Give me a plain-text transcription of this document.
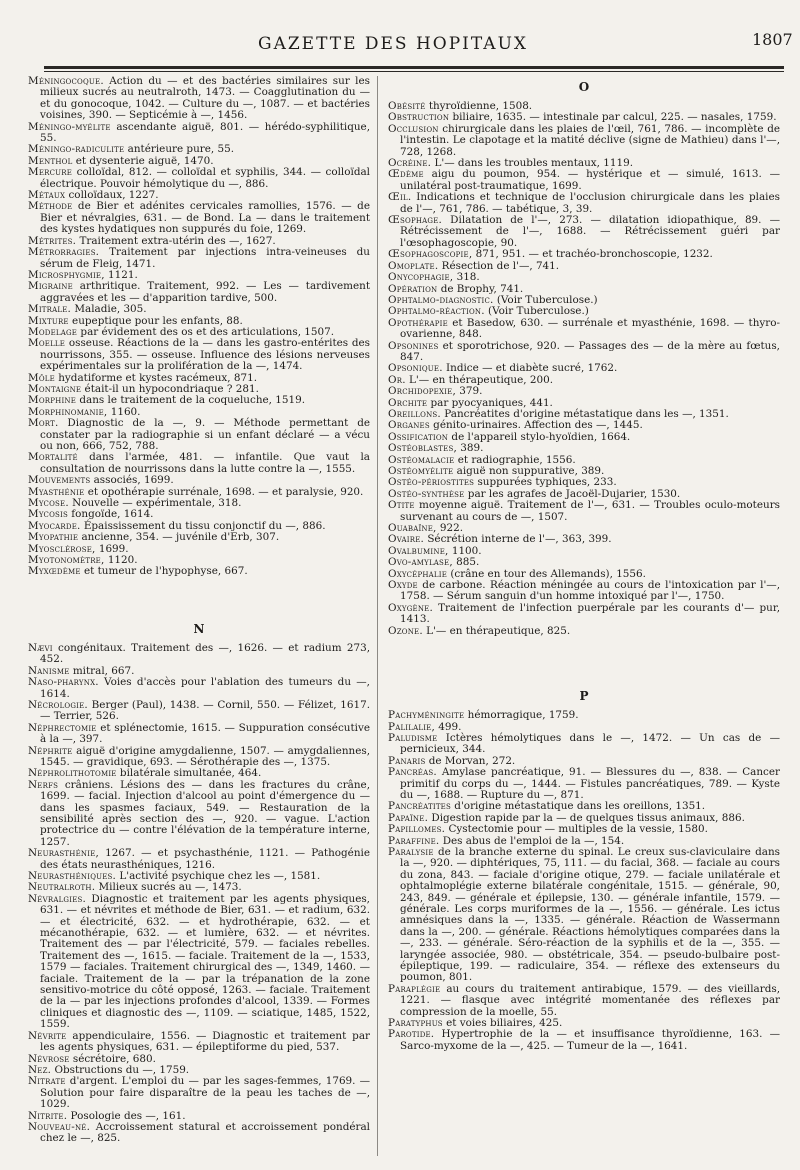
GAZETTE DES HOPITAUX	1807

Méningocoque. Action du — et des bactéries similaires sur les milieux sucrés au neutralroth, 1473. — Coagglutination du — et du gonocoque, 1042. — Culture du —, 1087. — et bactéries voisines, 390. — Septicémie à —, 1456.

Méningo-myélite ascendante aiguë, 801. — hérédo-syphilitique, 55.

Méningo-radiculite antérieure pure, 55.

Menthol et dysenterie aiguë, 1470.

Mercure colloïdal, 812. — colloïdal et syphilis, 344. — colloïdal électrique. Pouvoir hémolytique du —, 886.

Métaux colloïdaux, 1227.

Méthode de Bier et adénites cervicales ramollies, 1576. — de Bier et névralgies, 631. — de Bond. La — dans le traitement des kystes hydatiques non suppurés du foie, 1269.

Métrites. Traitement extra-utérin des —, 1627.

Métrorragies. Traitement par injections intra-veineuses du sérum de Fleig, 1471.

Microsphygmie, 1121.

Migraine arthritique. Traitement, 992. — Les — tardivement aggravées et les — d'apparition tardive, 500.

Mitrale. Maladie, 305.

Mixture eupeptique pour les enfants, 88.

Modelage par évidement des os et des articulations, 1507.

Moelle osseuse. Réactions de la — dans les gastro-entérites des nourrissons, 355. — osseuse. Influence des lésions nerveuses expérimentales sur la prolifération de la —, 1474.

Môle hydatiforme et kystes racémeux, 871.

Montaigne était-il un hypocondriaque ? 281.

Morphine dans le traitement de la coqueluche, 1519.

Morphinomanie, 1160.

Mort. Diagnostic de la —, 9. — Méthode permettant de constater par la radiographie si un enfant déclaré — a vécu ou non, 666, 752, 788.

Mortalité dans l'armée, 481. — infantile. Que vaut la consultation de nourrissons dans la lutte contre la —, 1555.

Mouvements associés, 1699.

Myasthénie et opothérapie surrénale, 1698. — et paralysie, 920.

Mycose. Nouvelle — expérimentale, 318.

Mycosis fongoïde, 1614.

Myocarde. Épaississement du tissu conjonctif du —, 886.

Myopathie ancienne, 354. — juvénile d'Erb, 307.

Myosclérose, 1699.

Myotonomètre, 1120.

Myxœdème et tumeur de l'hypophyse, 667.

N

Nævi congénitaux. Traitement des —, 1626. — et radium 273, 452.

Nanisme mitral, 667.

Naso-pharynx. Voies d'accès pour l'ablation des tumeurs du —, 1614.

Nécrologie. Berger (Paul), 1438. — Cornil, 550. — Félizet, 1617. — Terrier, 526.

Néphrectomie et splénectomie, 1615. — Suppuration consécutive à la —, 397.

Néphrite aiguë d'origine amygdalienne, 1507. — amygdaliennes, 1545. — gravidique, 693. — Sérothérapie des —, 1375.

Néphrolithotomie bilatérale simultanée, 464.

Nerfs crâniens. Lésions des — dans les fractures du crâne, 1699. — facial. Injection d'alcool au point d'émergence du — dans les spasmes faciaux, 549. — Restauration de la sensibilité après section des —, 920. — vague. L'action protectrice du — contre l'élévation de la température interne, 1257.

Neurasthénie, 1267. — et psychasthénie, 1121. — Pathogénie des états neurasthéniques, 1216.

Neurasthéniques. L'activité psychique chez les —, 1581.

Neutralroth. Milieux sucrés au —, 1473.

Névralgies. Diagnostic et traitement par les agents physiques, 631. — et névrites et méthode de Bier, 631. — et radium, 632. — et électricité, 632. — et hydrothérapie, 632. — et mécanothérapie, 632. — et lumière, 632. — et névrites. Traitement des — par l'électricité, 579. — faciales rebelles. Traitement des —, 1615. — faciale. Traitement de la —, 1533, 1579 — faciales. Traitement chirurgical des —, 1349, 1460. — faciale. Traitement de la — par la trépanation de la zone sensitivo-motrice du côté opposé, 1263. — faciale. Traitement de la — par les injections profondes d'alcool, 1339. — Formes cliniques et diagnostic des —, 1109. — sciatique, 1485, 1522, 1559.

Névrite appendiculaire, 1556. — Diagnostic et traitement par les agents physiques, 631. — épileptiforme du pied, 537.

Névrose sécrétoire, 680.

Nez. Obstructions du —, 1759.

Nitrate d'argent. L'emploi du — par les sages-femmes, 1769. — Solution pour faire disparaître de la peau les taches de —, 1029.

Nitrite. Posologie des —, 161.

Nouveau-né. Accroissement statural et accroissement pondéral chez le —, 825.

O

Obésité thyroïdienne, 1508.

Obstruction biliaire, 1635. — intestinale par calcul, 225. — nasales, 1759.

Occlusion chirurgicale dans les plaies de l'œil, 761, 786. — incomplète de l'intestin. Le clapotage et la matité déclive (signe de Mathieu) dans l'—, 728, 1268.

Ocréine. L'— dans les troubles mentaux, 1119.

Œdème aigu du poumon, 954. — hystérique et — simulé, 1613. — unilatéral post-traumatique, 1699.

Œil. Indications et technique de l'occlusion chirurgicale dans les plaies de l'—, 761, 786. — tabétique, 3, 39.

Œsophage. Dilatation de l'—, 273. — dilatation idiopathique, 89. — Rétrécissement de l'—, 1688. — Rétrécissement guéri par l'œsophagoscopie, 90.

Œsophagoscopie, 871, 951. — et trachéo-bronchoscopie, 1232.

Omoplate. Résection de l'—, 741.

Onycophagie, 318.

Opération de Brophy, 741.

Ophtalmo-diagnostic. (Voir Tuberculose.)

Ophtalmo-réaction. (Voir Tuberculose.)

Opothérapie et Basedow, 630. — surrénale et myasthénie, 1698. — thyro-ovarienne, 848.

Opsonines et sporotrichose, 920. — Passages des — de la mère au fœtus, 847.

Opsonique. Indice — et diabète sucré, 1762.

Or. L'— en thérapeutique, 200.

Orchidopexie, 379.

Orchite par pyocyaniques, 441.

Oreillons. Pancréatites d'origine métastatique dans les —, 1351.

Organes génito-urinaires. Affection des —, 1445.

Ossification de l'appareil stylo-hyoïdien, 1664.

Ostéoblastes, 389.

Ostéomalacie et radiographie, 1556.

Ostéomyélite aiguë non suppurative, 389.

Ostéo-périostites suppurées typhiques, 233.

Ostéo-synthèse par les agrafes de Jacoël-Dujarier, 1530.

Otite moyenne aiguë. Traitement de l'—, 631. — Troubles oculo-moteurs survenant au cours de —, 1507.

Ouabaïne, 922.

Ovaire. Sécrétion interne de l'—, 363, 399.

Ovalbumine, 1100.

Ovo-amylase, 885.

Oxycéphalie (crâne en tour des Allemands), 1556.

Oxyde de carbone. Réaction méningée au cours de l'intoxication par l'—, 1758. — Sérum sanguin d'un homme intoxiqué par l'—, 1750.

Oxygène. Traitement de l'infection puerpérale par les courants d'— pur, 1413.

Ozone. L'— en thérapeutique, 825.

P

Pachyméningite hémorragique, 1759.

Palilalie, 499.

Paludisme Ictères hémolytiques dans le —, 1472. — Un cas de — pernicieux, 344.

Panaris de Morvan, 272.

Pancréas. Amylase pancréatique, 91. — Blessures du —, 838. — Cancer primitif du corps du —, 1444. — Fistules pancréatiques, 789. — Kyste du —, 1688. — Rupture du —, 871.

Pancréatites d'origine métastatique dans les oreillons, 1351.

Papaïne. Digestion rapide par la — de quelques tissus animaux, 886.

Papillomes. Cystectomie pour — multiples de la vessie, 1580.

Paraffine. Des abus de l'emploi de la —, 154.

Paralysie de la branche externe du spinal. Le creux sus-claviculaire dans la —, 920. — diphtériques, 75, 111. — du facial, 368. — faciale au cours du zona, 843. — faciale d'origine otique, 279. — faciale unilatérale et ophtalmoplégie externe bilatérale congénitale, 1515. — générale, 90, 243, 849. — générale et épilepsie, 130. — générale infantile, 1579. — générale. Les corps muriformes de la —, 1556. — générale. Les ictus amnésiques dans la —, 1335. — générale. Réaction de Wassermann dans la —, 200. — générale. Réactions hémolytiques comparées dans la —, 233. — générale. Séro-réaction de la syphilis et de la —, 355. — laryngée associée, 980. — obstétricale, 354. — pseudo-bulbaire post-épileptique, 199. — radiculaire, 354. — réflexe des extenseurs du poumon, 801.

Paraplégie au cours du traitement antirabique, 1579. — des vieillards, 1221. — flasque avec intégrité momentanée des réflexes par compression de la moelle, 55.

Paratyphus et voies biliaires, 425.

Parotide. Hypertrophie de la — et insuffisance thyroïdienne, 163. — Sarco-myxome de la —, 425. — Tumeur de la —, 1641.
